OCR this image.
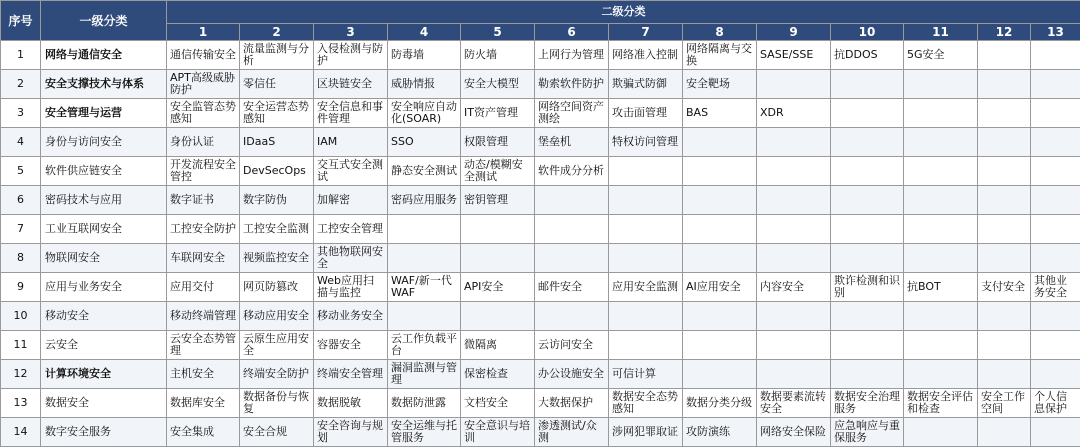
序号	一级分类	二级分类												
		1	2	3	4	5	6	7	8	9	10	11	12	13
1	网络与通信安全	通信传输安全	流量监测与分析	入侵检测与防护	防毒墙	防火墙	上网行为管理	网络准入控制	网络隔离与交换	SASE/SSE	抗DDOS	5G安全		
2	安全支撑技术与体系	APT高级威胁防护	零信任	区块链安全	威胁情报	安全大模型	勒索软件防护	欺骗式防御	安全靶场					
3	安全管理与运营	安全监管态势感知	安全运营态势感知	安全信息和事件管理	安全响应自动化(SOAR)	IT资产管理	网络空间资产测绘	攻击面管理	BAS	XDR				
4	身份与访问安全	身份认证	IDaaS	IAM	SSO	权限管理	堡垒机	特权访问管理						
5	软件供应链安全	开发流程安全管控	DevSecOps	交互式安全测试	静态安全测试	动态/模糊安全测试	软件成分分析							
6	密码技术与应用	数字证书	数字防伪	加解密	密码应用服务	密钥管理								
7	工业互联网安全	工控安全防护	工控安全监测	工控安全管理										
8	物联网安全	车联网安全	视频监控安全	其他物联网安全										
9	应用与业务安全	应用交付	网页防篡改	Web应用扫描与监控	WAF/新一代WAF	API安全	邮件安全	应用安全监测	AI应用安全	内容安全	欺诈检测和识别	抗BOT	支付安全	其他业务安全
10	移动安全	移动终端管理	移动应用安全	移动业务安全										
11	云安全	云安全态势管理	云原生应用安全	容器安全	云工作负载平台	微隔离	云访问安全							
12	计算环境安全	主机安全	终端安全防护	终端安全管理	漏洞监测与管理	保密检查	办公设施安全	可信计算						
13	数据安全	数据库安全	数据备份与恢复	数据脱敏	数据防泄露	文档安全	大数据保护	数据安全态势感知	数据分类分级	数据要素流转安全	数据安全治理服务	数据安全评估和检查	安全工作空间	个人信息保护
14	数字安全服务	安全集成	安全合规	安全咨询与规划	安全运维与托管服务	安全意识与培训	渗透测试/众测	涉网犯罪取证	攻防演练	网络安全保险	应急响应与重保服务			
